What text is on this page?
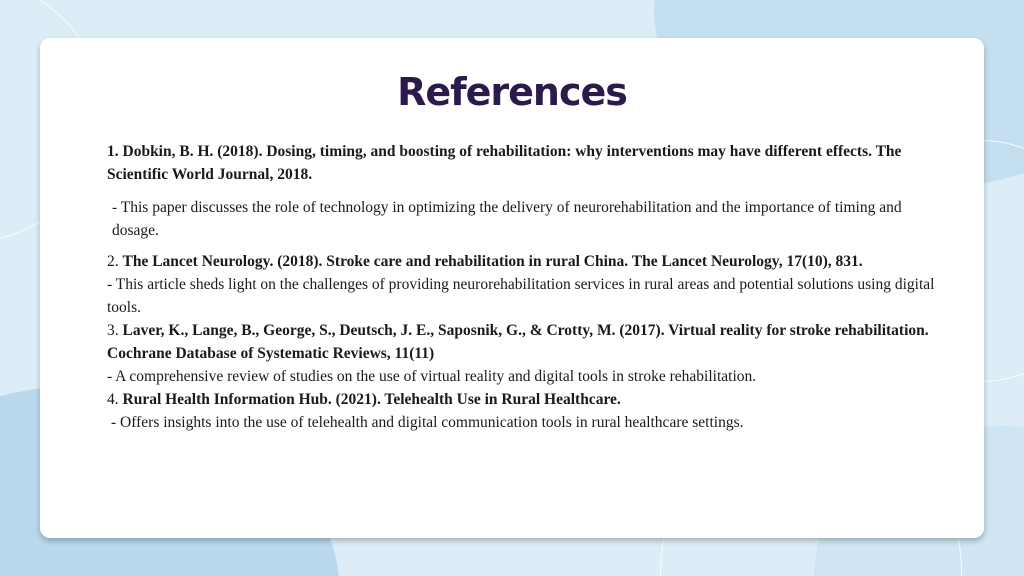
References

1. Dobkin, B. H. (2018). Dosing, timing, and boosting of rehabilitation: why interventions may have different effects. The Scientific World Journal, 2018.

- This paper discusses the role of technology in optimizing the delivery of neurorehabilitation and the importance of timing and dosage.

2. The Lancet Neurology. (2018). Stroke care and rehabilitation in rural China. The Lancet Neurology, 17(10), 831.

- This article sheds light on the challenges of providing neurorehabilitation services in rural areas and potential solutions using digital tools.

3. Laver, K., Lange, B., George, S., Deutsch, J. E., Saposnik, G., & Crotty, M. (2017). Virtual reality for stroke rehabilitation. Cochrane Database of Systematic Reviews, 11(11)

- A comprehensive review of studies on the use of virtual reality and digital tools in stroke rehabilitation.

4. Rural Health Information Hub. (2021). Telehealth Use in Rural Healthcare.

- Offers insights into the use of telehealth and digital communication tools in rural healthcare settings.
